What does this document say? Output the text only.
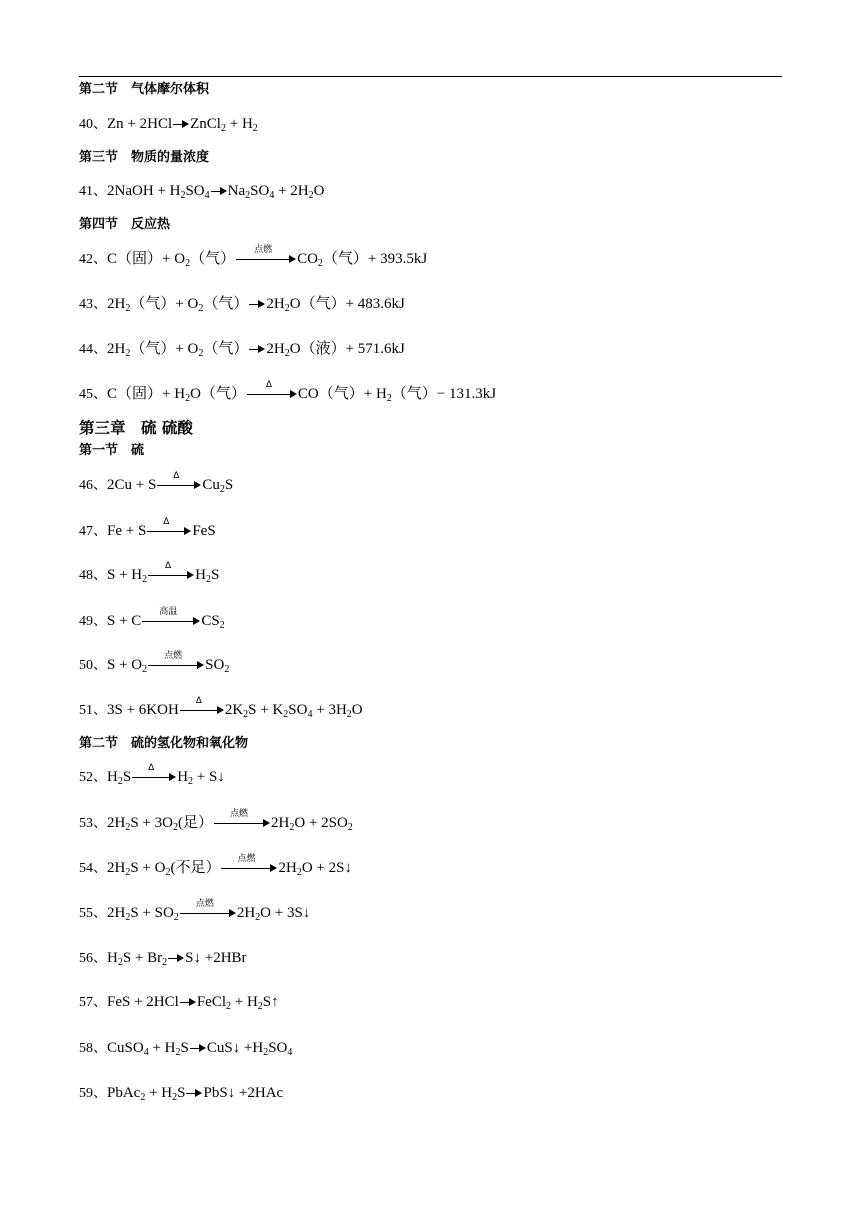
第二节　气体摩尔体积
40、Zn + 2HCl ZnCl$_2$ + $H_2$
第三节　物质的量浓度
41、2NaOH + $H_2SO_4$ $Na_2SO_4 + 2H_2O$
第四节　反应热
42、C（固）+ $O_2$（气）
点燃
$CO_2$（气）+ 393.5kJ
43、$2H_2$（气）+ $O_2$（气） $2H_2O$（气）+ 483.6kJ
44、$2H_2$（气）+ $O_2$（气） $2H_2O$（液）+ 571.6kJ
45、C（固）+ $H_2O$（气）
Δ
CO（气）+ $H_2$（气）− 131.3kJ
第三章　硫 硫酸
第一节　硫
46、2Cu + S
Δ
$Cu_2S$
47、Fe + S
Δ
FeS
48、$S + H_2$
Δ
$H_2S$
49、S + C
高温
$CS_2$
50、$S + O_2$
点燃
$SO_2$
51、3S + 6KOH
Δ
$2K_2S + K_2SO_4 + 3H_2O$
第二节　硫的氢化物和氧化物
52、$H_2S$
Δ
$H_2$ + S↓
53、$2H_2S + 3O_2$(足）
点燃
$2H_2O + 2SO_2$
54、$2H_2S + O_2$(不足）
点燃
$2H_2O$ + 2S↓
55、$2H_2S + SO_2$
点燃
$2H_2O$ + 3S↓
56、$H_2S + Br_2$ S↓ +2HBr
57、FeS + 2HCl FeCl$_2$ + $H_2S↑$
58、CuSO$_4$ + $H_2S$ CuS↓ $+H_2SO_4$
59、PbAc$_2$ + $H_2S$ PbS↓ +2HAc
